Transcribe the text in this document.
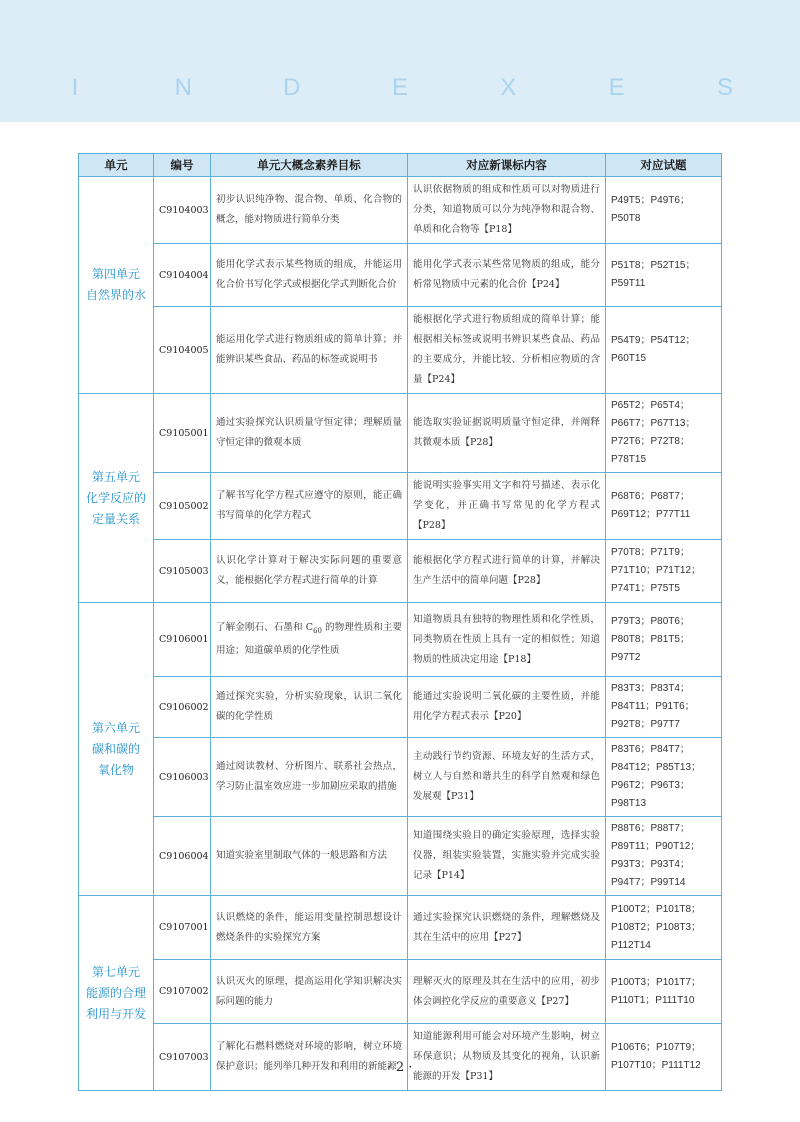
I	N	D	E	X	E	S
单元	编号	单元大概念素养目标	对应新课标内容	对应试题

第四单元
自然界的水	C9104003	初步认识纯净物、混合物、单质、化合物的概念，能对物质进行简单分类	认识依据物质的组成和性质可以对物质进行分类，知道物质可以分为纯净物和混合物、单质和化合物等【P18】	P49T5；P49T6；P50T8
	C9104004	能用化学式表示某些物质的组成，并能运用化合价书写化学式或根据化学式判断化合价	能用化学式表示某些常见物质的组成，能分析常见物质中元素的化合价【P24】	P51T8；P52T15；P59T11
	C9104005	能运用化学式进行物质组成的简单计算；并能辨识某些食品、药品的标签或说明书	能根据化学式进行物质组成的简单计算；能根据相关标签或说明书辨识某些食品、药品的主要成分，并能比较、分析相应物质的含量【P24】	P54T9；P54T12；P60T15

第五单元
化学反应的
定量关系	C9105001	通过实验探究认识质量守恒定律；理解质量守恒定律的微观本质	能选取实验证据说明质量守恒定律，并阐释其微观本质【P28】	P65T2；P65T4；P66T7；P67T13；P72T6；P72T8；P78T15
	C9105002	了解书写化学方程式应遵守的原则，能正确书写简单的化学方程式	能说明实验事实用文字和符号描述、表示化学变化，并正确书写常见的化学方程式【P28】	P68T6；P68T7；P69T12；P77T11
	C9105003	认识化学计算对于解决实际问题的重要意义，能根据化学方程式进行简单的计算	能根据化学方程式进行简单的计算，并解决生产生活中的简单问题【P28】	P70T8；P71T9；P71T10；P71T12；P74T1；P75T5

第六单元
碳和碳的
氧化物	C9106001	了解金刚石、石墨和 $C_{60}$ 的物理性质和主要用途；知道碳单质的化学性质	知道物质具有独特的物理性质和化学性质，同类物质在性质上具有一定的相似性；知道物质的性质决定用途【P18】	P79T3；P80T6；P80T8；P81T5；P97T2
	C9106002	通过探究实验，分析实验现象，认识二氧化碳的化学性质	能通过实验说明二氧化碳的主要性质，并能用化学方程式表示【P20】	P83T3；P83T4；P84T11；P91T6；P92T8；P97T7
	C9106003	通过阅读教材、分析图片、联系社会热点，学习防止温室效应进一步加剧应采取的措施	主动践行节约资源、环境友好的生活方式，树立人与自然和谐共生的科学自然观和绿色发展观【P31】	P83T6；P84T7；P84T12；P85T13；P96T2；P96T3；P98T13
	C9106004	知道实验室里制取气体的一般思路和方法	知道围绕实验目的确定实验原理，选择实验仪器，组装实验装置，实施实验并完成实验记录【P14】	P88T6；P88T7；P89T11；P90T12；P93T3；P93T4；P94T7；P99T14

第七单元
能源的合理
利用与开发	C9107001	认识燃烧的条件，能运用变量控制思想设计燃烧条件的实验探究方案	通过实验探究认识燃烧的条件，理解燃烧及其在生活中的应用【P27】	P100T2；P101T8；P108T2；P108T3；P112T14
	C9107002	认识灭火的原理，提高运用化学知识解决实际问题的能力	理解灭火的原理及其在生活中的应用，初步体会调控化学反应的重要意义【P27】	P100T3；P101T7；P110T1；P111T10
	C9107003	了解化石燃料燃烧对环境的影响，树立环境保护意识；能列举几种开发和利用的新能源	知道能源利用可能会对环境产生影响，树立环保意识；从物质及其变化的视角，认识新能源的开发【P31】	P106T6；P107T9；P107T10；P111T12
· 2 ·
